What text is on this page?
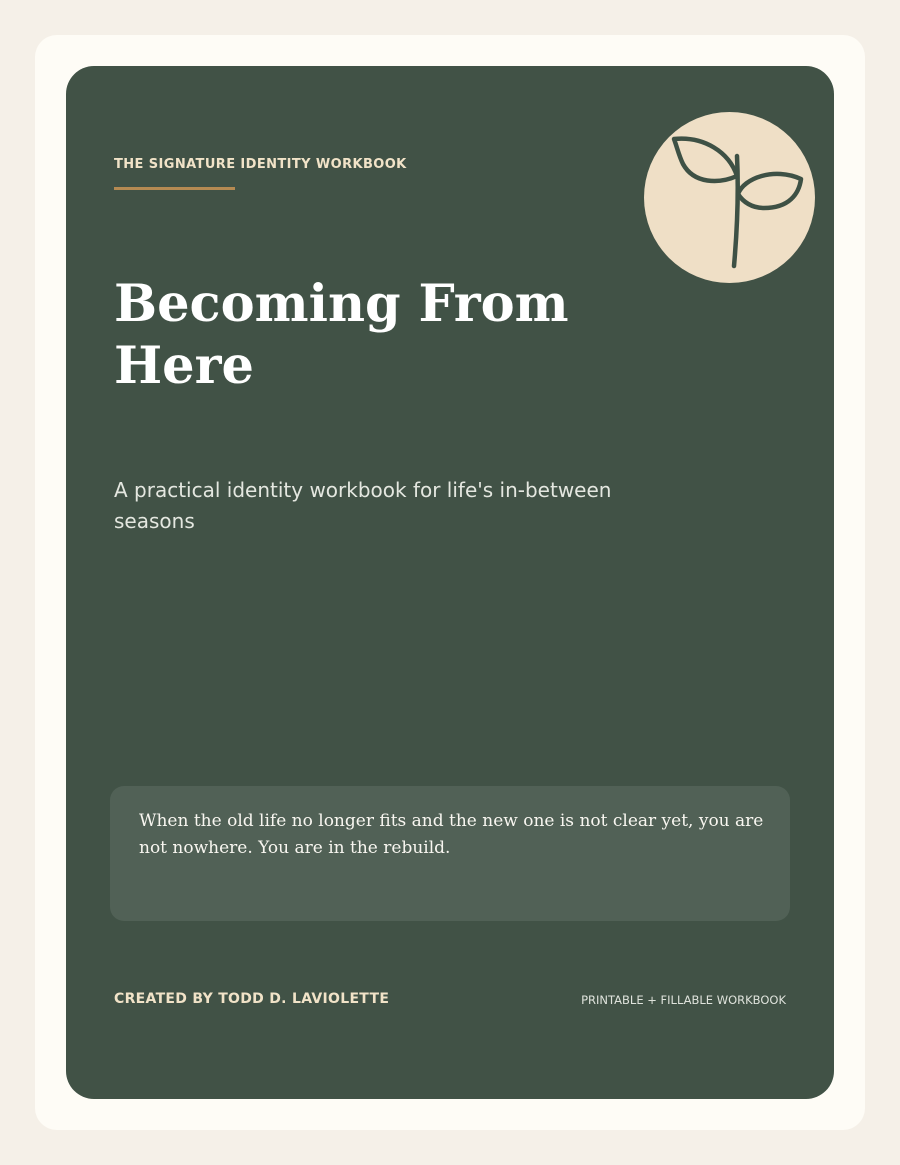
THE SIGNATURE IDENTITY WORKBOOK
Becoming From Here

A practical identity workbook for life's in-between seasons

When the old life no longer fits and the new one is not clear yet, you are not nowhere. You are in the rebuild.

CREATED BY TODD D. LAVIOLETTE	PRINTABLE + FILLABLE WORKBOOK
